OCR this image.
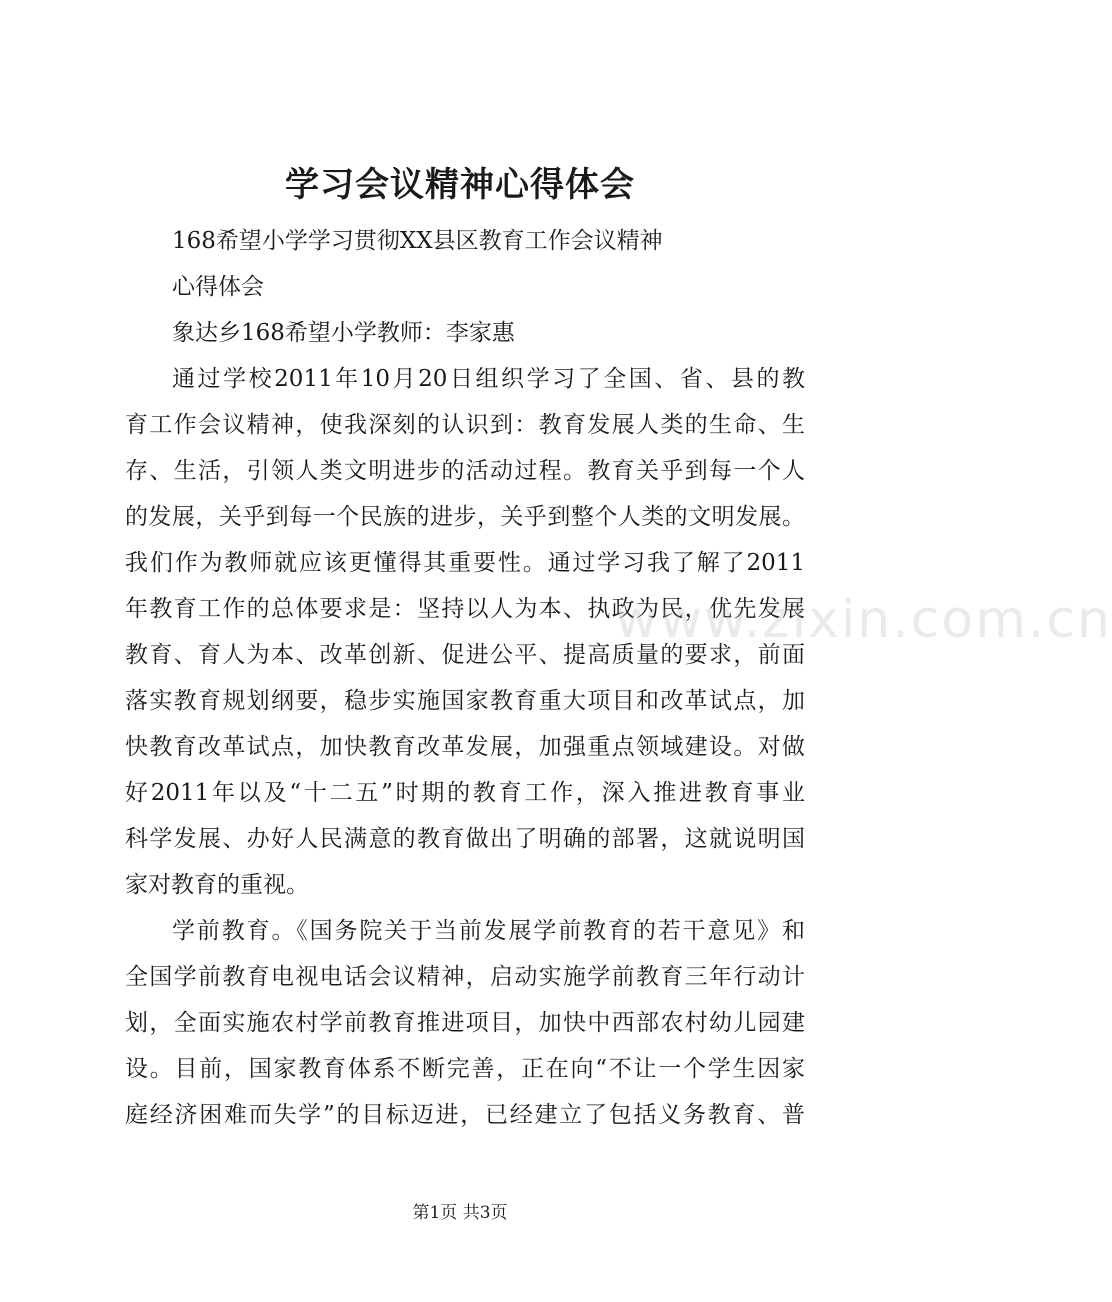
学习会议精神心得体会
168希望小学学习贯彻XX县区教育工作会议精神
心得体会
象达乡168希望小学教师：李家惠
通过学校2011年10月20日组织学习了全国、省、县的教
育工作会议精神，使我深刻的认识到：教育发展人类的生命、生
存、生活，引领人类文明进步的活动过程。教育关乎到每一个人
的发展，关乎到每一个民族的进步，关乎到整个人类的文明发展。
我们作为教师就应该更懂得其重要性。通过学习我了解了2011
年教育工作的总体要求是：坚持以人为本、执政为民，优先发展
教育、育人为本、改革创新、促进公平、提高质量的要求，前面
落实教育规划纲要，稳步实施国家教育重大项目和改革试点，加
快教育改革试点，加快教育改革发展，加强重点领域建设。对做
好2011年以及“十二五”时期的教育工作，深入推进教育事业
科学发展、办好人民满意的教育做出了明确的部署，这就说明国
家对教育的重视。
学前教育。《国务院关于当前发展学前教育的若干意见》和
全国学前教育电视电话会议精神，启动实施学前教育三年行动计
划，全面实施农村学前教育推进项目，加快中西部农村幼儿园建
设。目前，国家教育体系不断完善，正在向“不让一个学生因家
庭经济困难而失学”的目标迈进，已经建立了包括义务教育、普
www.zixin.com.cn
第1页 共3页
